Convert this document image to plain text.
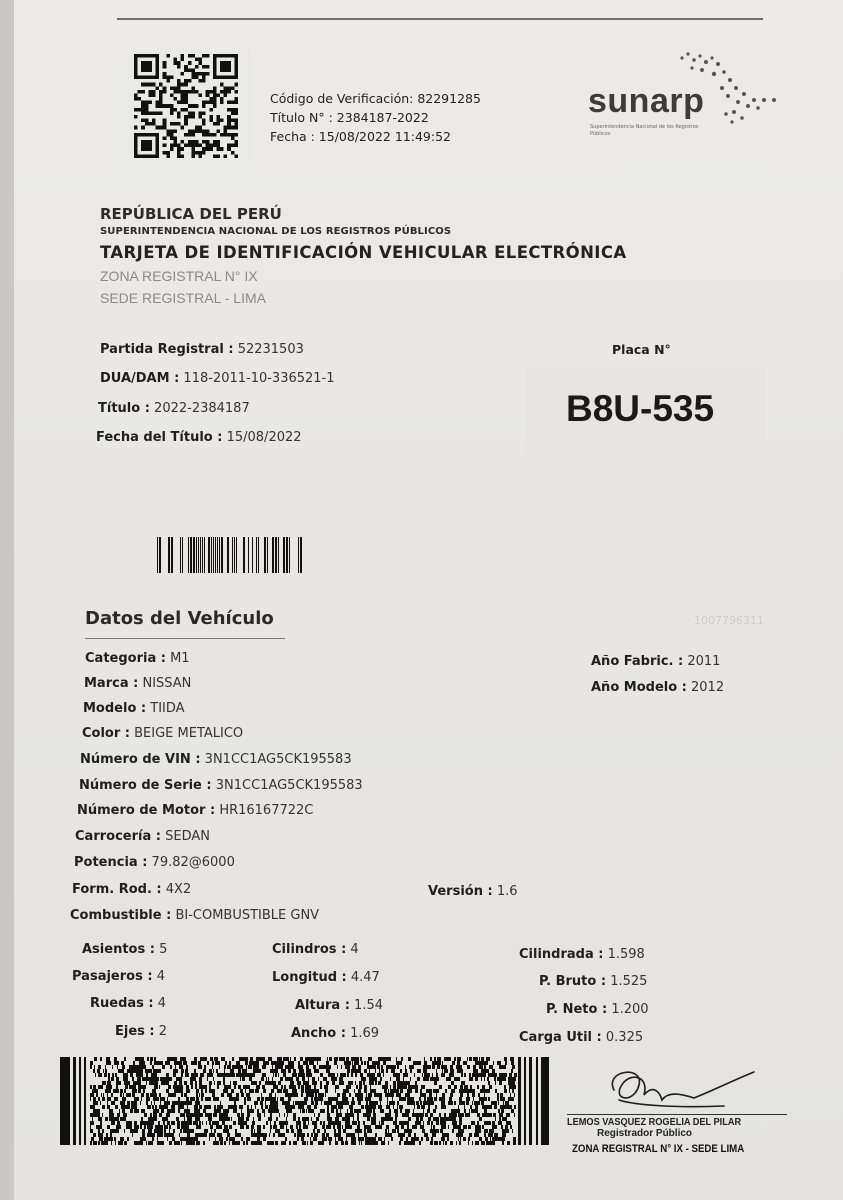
Código de Verificación: 82291285
Título N° : 2384187-2022
Fecha : 15/08/2022 11:49:52
sunarp
Superintendencia Nacional de los Registros Públicos
REPÚBLICA DEL PERÚ
SUPERINTENDENCIA NACIONAL DE LOS REGISTROS PÚBLICOS
TARJETA DE IDENTIFICACIÓN VEHICULAR ELECTRÓNICA
ZONA REGISTRAL N° IX
SEDE REGISTRAL - LIMA
Partida Registral : 52231503
DUA/DAM : 118-2011-10-336521-1
Título : 2022-2384187
Fecha del Título : 15/08/2022
Placa N°
B8U-535
Datos del Vehículo	1007796311
Categoria : M1
Marca : NISSAN
Modelo : TIIDA
Color : BEIGE METALICO
Número de VIN : 3N1CC1AG5CK195583
Número de Serie : 3N1CC1AG5CK195583
Número de Motor : HR16167722C
Carrocería : SEDAN
Potencia : 79.82@6000
Form. Rod. : 4X2
Combustible : BI-COMBUSTIBLE GNV
Año Fabric. : 2011
Año Modelo : 2012
Versión : 1.6
Asientos : 5
Pasajeros : 4
Ruedas : 4
Ejes : 2
Cilindros : 4
Longitud : 4.47
Altura : 1.54
Ancho : 1.69
Cilindrada : 1.598
P. Bruto : 1.525
P. Neto : 1.200
Carga Util : 0.325
LEMOS VASQUEZ ROGELIA DEL PILAR
Registrador Público
ZONA REGISTRAL N° IX - SEDE LIMA
